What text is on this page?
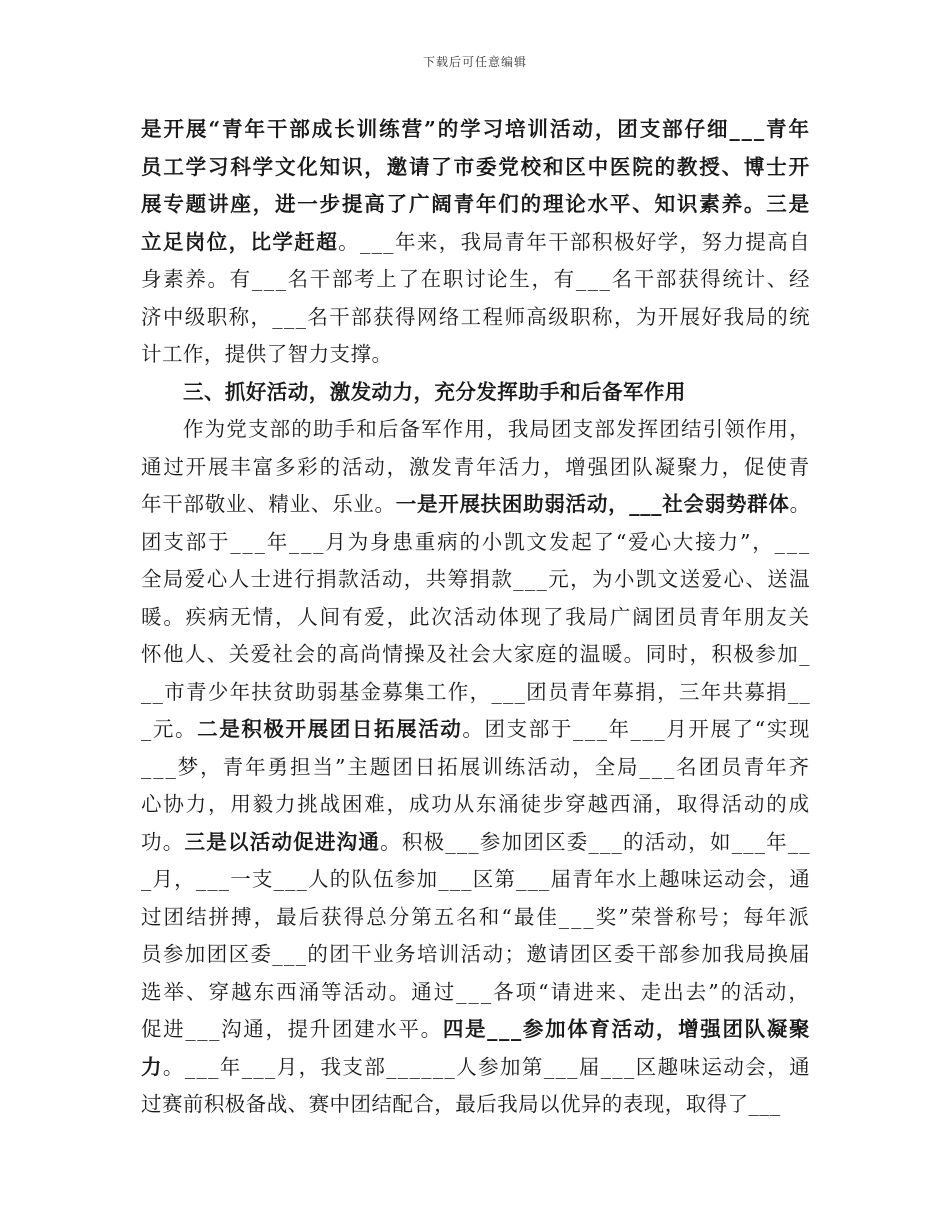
下载后可任意编辑
是开展“青年干部成长训练营”的学习培训活动，团支部仔细___青年
员工学习科学文化知识，邀请了市委党校和区中医院的教授、博士开
展专题讲座，进一步提高了广阔青年们的理论水平、知识素养。三是
立足岗位，比学赶超。___年来，我局青年干部积极好学，努力提高自
身素养。有___名干部考上了在职讨论生，有___名干部获得统计、经
济中级职称，___名干部获得网络工程师高级职称，为开展好我局的统
计工作，提供了智力支撑。
三、抓好活动，激发动力，充分发挥助手和后备军作用
作为党支部的助手和后备军作用，我局团支部发挥团结引领作用，
通过开展丰富多彩的活动，激发青年活力，增强团队凝聚力，促使青
年干部敬业、精业、乐业。一是开展扶困助弱活动，___社会弱势群体。
团支部于___年___月为身患重病的小凯文发起了“爱心大接力”，___
全局爱心人士进行捐款活动，共筹捐款___元，为小凯文送爱心、送温
暖。疾病无情，人间有爱，此次活动体现了我局广阔团员青年朋友关
怀他人、关爱社会的高尚情操及社会大家庭的温暖。同时，积极参加_
__市青少年扶贫助弱基金募集工作，___团员青年募捐，三年共募捐__
_元。二是积极开展团日拓展活动。团支部于___年___月开展了“实现
___梦，青年勇担当”主题团日拓展训练活动，全局___名团员青年齐
心协力，用毅力挑战困难，成功从东涌徒步穿越西涌，取得活动的成
功。三是以活动促进沟通。积极___参加团区委___的活动，如___年__
_月，___一支___人的队伍参加___区第___届青年水上趣味运动会，通
过团结拼搏，最后获得总分第五名和“最佳___奖”荣誉称号；每年派
员参加团区委___的团干业务培训活动；邀请团区委干部参加我局换届
选举、穿越东西涌等活动。通过___各项“请进来、走出去”的活动，
促进___沟通，提升团建水平。四是___参加体育活动，增强团队凝聚
力。___年___月，我支部______人参加第___届___区趣味运动会，通
过赛前积极备战、赛中团结配合，最后我局以优异的表现，取得了___
